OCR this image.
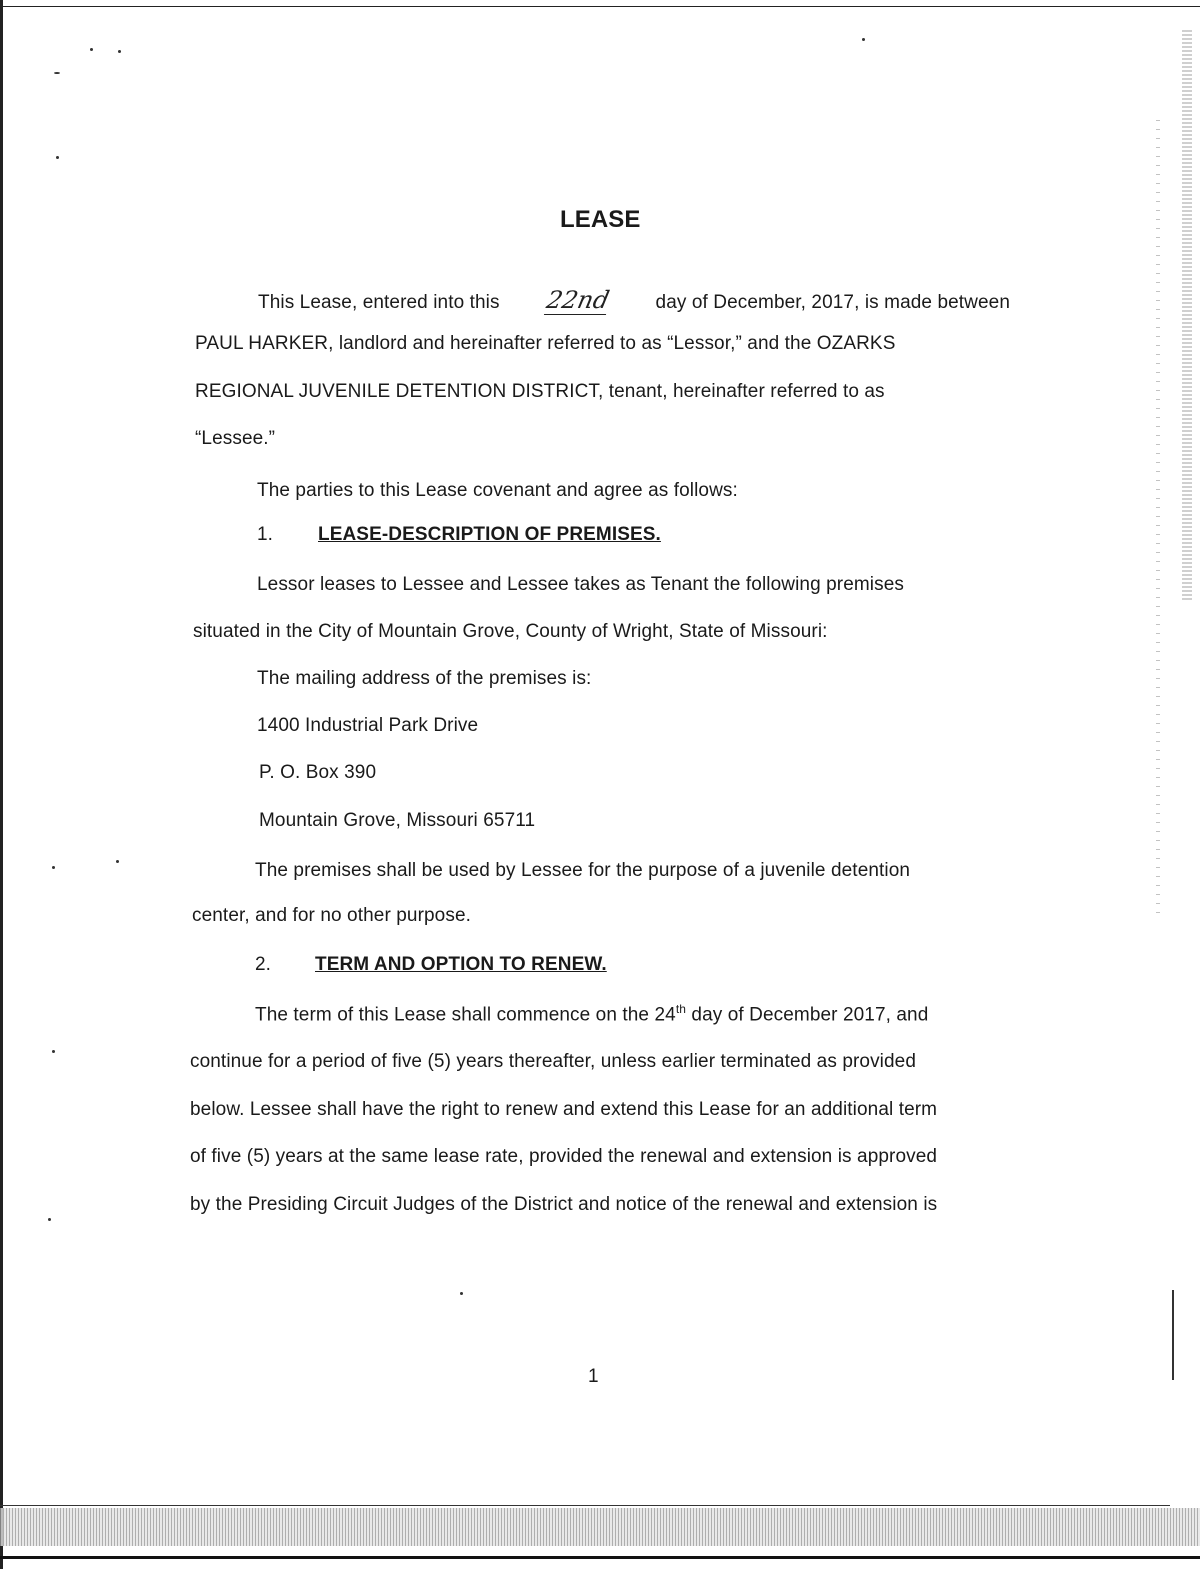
LEASE
This Lease, entered into this 22nd day of December, 2017, is made between
PAUL HARKER, landlord and hereinafter referred to as “Lessor,” and the OZARKS
REGIONAL JUVENILE DETENTION DISTRICT, tenant, hereinafter referred to as
“Lessee.”
The parties to this Lease covenant and agree as follows:
1. LEASE-DESCRIPTION OF PREMISES.
Lessor leases to Lessee and Lessee takes as Tenant the following premises
situated in the City of Mountain Grove, County of Wright, State of Missouri:
The mailing address of the premises is:
1400 Industrial Park Drive
P. O. Box 390
Mountain Grove, Missouri 65711
The premises shall be used by Lessee for the purpose of a juvenile detention
center, and for no other purpose.
2. TERM AND OPTION TO RENEW.
The term of this Lease shall commence on the 24th day of December 2017, and
continue for a period of five (5) years thereafter, unless earlier terminated as provided
below. Lessee shall have the right to renew and extend this Lease for an additional term
of five (5) years at the same lease rate, provided the renewal and extension is approved
by the Presiding Circuit Judges of the District and notice of the renewal and extension is
1
